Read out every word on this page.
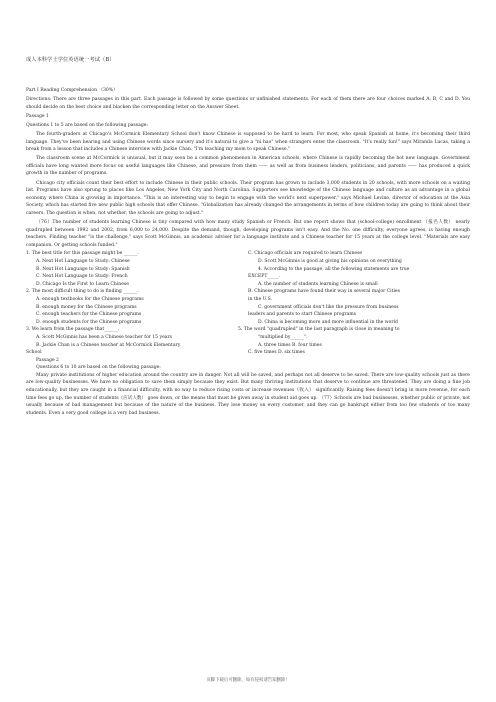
成人本科学士学位英语统一考试（B）

Part I Reading Comprehension （30%）

Directions: There are three passages in this part. Each passage is followed by some questions or unfinished statements. For each of them there are four choices marked A, B, C and D. You should decide on the best choice and blacken the corresponding letter on the Answer Sheet.

Passage 1

Questions 1 to 5 are based on the following passage:

The fourth-graders at Chicago's McCormick Elementary School don't know Chinese is supposed to be hard to learn. For most, who speak Spanish at home, it's becoming their third language. They've been hearing and using Chinese words since nursery and it's natural to give a "ni hao" when strangers enter the classroom. "It's really fun!" says Miranda Lucas, taking a break from a lesson that includes a Chinese interview with Jackie Chan. "I'm teaching my mom to speak Chinese."

The classroom scene at McCormick is unusual, but it may soon be a common phenomenon in American schools, where Chinese is rapidly becoming the hot new language. Government officials have long wanted more focus on useful languages like Chinese, and pressure from them —— as well as from business leaders, politicians, and parents —— has produced a quick growth in the number of programs.

Chicago city officials count their best effort to include Chinese in their public schools. Their program has grown to include 3,000 students in 20 schools, with more schools on a waiting list. Programs have also sprung to places like Los Angeles, New York City and North Carolina. Supporters see knowledge of the Chinese language and culture as an advantage in a global economy where China is growing in importance. "This is an interesting way to begin to engage with the world's next superpower," says Michael Levine, director of education at the Asia Society, which has started five new public high schools that offer Chinese. "Globalization has already changed the arrangements in terms of how children today are going to think about their careers. The question is when, not whether, the schools are going to adjust."

（76）The number of students learning Chinese is tiny compared with how many study Spanish or French. But one report shows that (school-college) enrollment （报名人数） nearly quadrupled between 1992 and 2002, from 6,000 to 24,000. Despite the demand, though, developing programs isn't easy. And the No. one difficulty, everyone agrees, is having enough teachers. Finding teacher "is the challenge," says Scott McGinnis, an academic adviser for a language institute and a Chinese teacher for 15 years at the college level. "Materials are easy companion. Or getting schools funded."

1. The best title for this passage might be ______.	C. Chicago officials are required to learn Chinese
A. Next Hot Language to Study: Chinese	D. Scott McGinnis is good at giving his opinions on everything
B. Next Hot Language to Study: Spanish	4. According to the passage, all the following statements are true
C. Next Hot Language to Study: French	EXCEPT_____.
D. Chicago Is the First to Learn Chinese	A. the number of students learning Chinese is small
2. The most difficult thing to do is finding ______.	B. Chinese programs have found their way in several major Cities
A. enough textbooks for the Chinese programs	in the U.S.
B. enough money for the Chinese programs	C. government officials don't like the pressure from business
C. enough teachers for the Chinese programs	leaders and parents to start Chinese programs
D. enough students for the Chinese programs	D. China is becoming more and more influential in the world
3. We learn from the passage that______.	5. The word "quadrupled" in the last paragraph is close in meaning to
A. Scott McGinnis has been a Chinese teacher for 15 years	"multiplied by______".
B. Jackie Chan is a Chinese teacher at McCormick Elementary	A. three times B. four times
School	C. five times D. six times

Passage 2

Questions 6 to 10 are based on the following passage:

Many private institutions of higher education around the country are in danger. Not all will be saved, and perhaps not all deserve to be saved. There are low-quality schools just as there are low-quality businesses. We have no obligation to save them simply because they exist. But many thriving institutions that deserve to continue are threatened. They are doing a fine job educationally, but they are caught in a financial difficulty, with no way to reduce rising costs or increase revenues（收入） significantly. Raising fees doesn't bring in more revenue, for each time fees go up, the number of students（应试人数） goes down, or the means that must be given away in student aid goes up. （77）Schools are bad businesses, whether public or private, not usually because of bad management but because of the nature of the business. They lose money on every customer, and they can go bankrupt either from too few students or too many students. Even a very good college is a very bad business.

页脚下载后可删除，如有侵权请告知删除！
